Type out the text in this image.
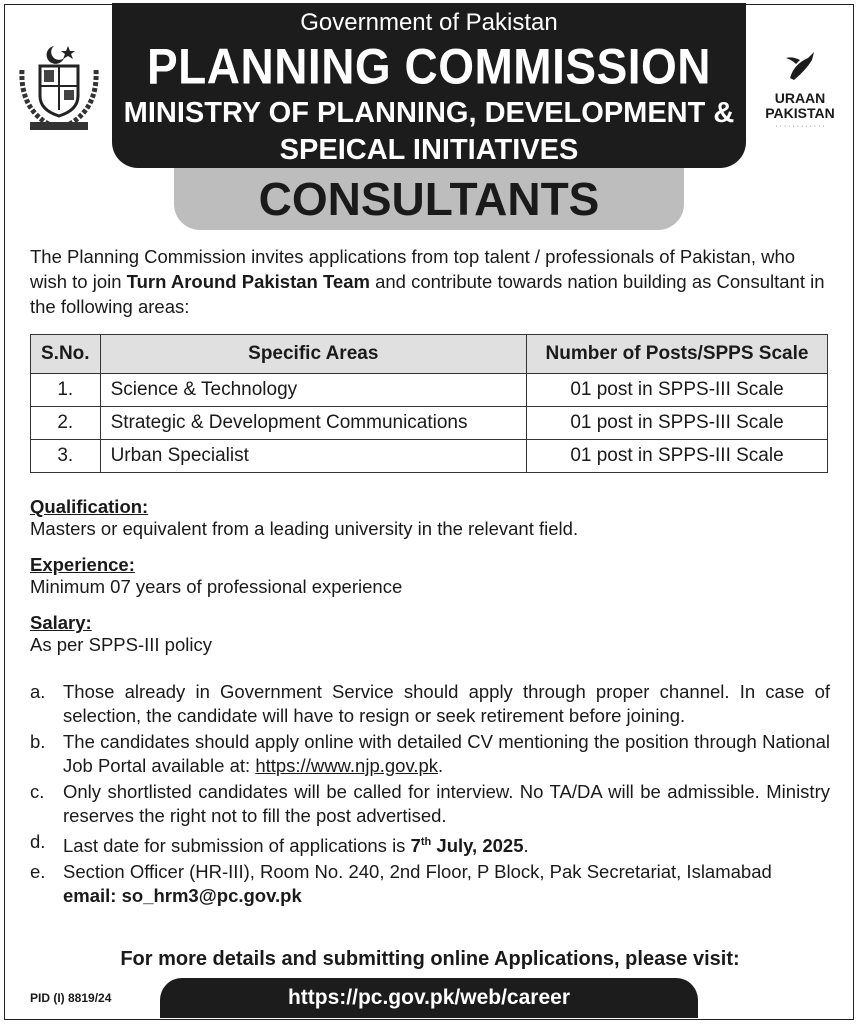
Government of Pakistan
PLANNING COMMISSION
MINISTRY OF PLANNING, DEVELOPMENT &
SPEICAL INITIATIVES
URAAN
PAKISTAN
· · · · · · · · · · · ·
CONSULTANTS
The Planning Commission invites applications from top talent / professionals of Pakistan, who wish to join Turn Around Pakistan Team and contribute towards nation building as Consultant in the following areas:
S.No.	Specific Areas	Number of Posts/SPPS Scale
1.	Science & Technology	01 post in SPPS-III Scale
2.	Strategic & Development Communications	01 post in SPPS-III Scale
3.	Urban Specialist	01 post in SPPS-III Scale
Qualification:
Masters or equivalent from a leading university in the relevant field.
Experience:
Minimum 07 years of professional experience
Salary:
As per SPPS-III policy
a. Those already in Government Service should apply through proper channel. In case of selection, the candidate will have to resign or seek retirement before joining.
b. The candidates should apply online with detailed CV mentioning the position through National Job Portal available at: https://www.njp.gov.pk.
c. Only shortlisted candidates will be called for interview. No TA/DA will be admissible. Ministry reserves the right not to fill the post advertised.
d. Last date for submission of applications is 7th July, 2025.
e. Section Officer (HR-III), Room No. 240, 2nd Floor, P Block, Pak Secretariat, Islamabad
email: so_hrm3@pc.gov.pk
For more details and submitting online Applications, please visit:
PID (I) 8819/24	https://pc.gov.pk/web/career
